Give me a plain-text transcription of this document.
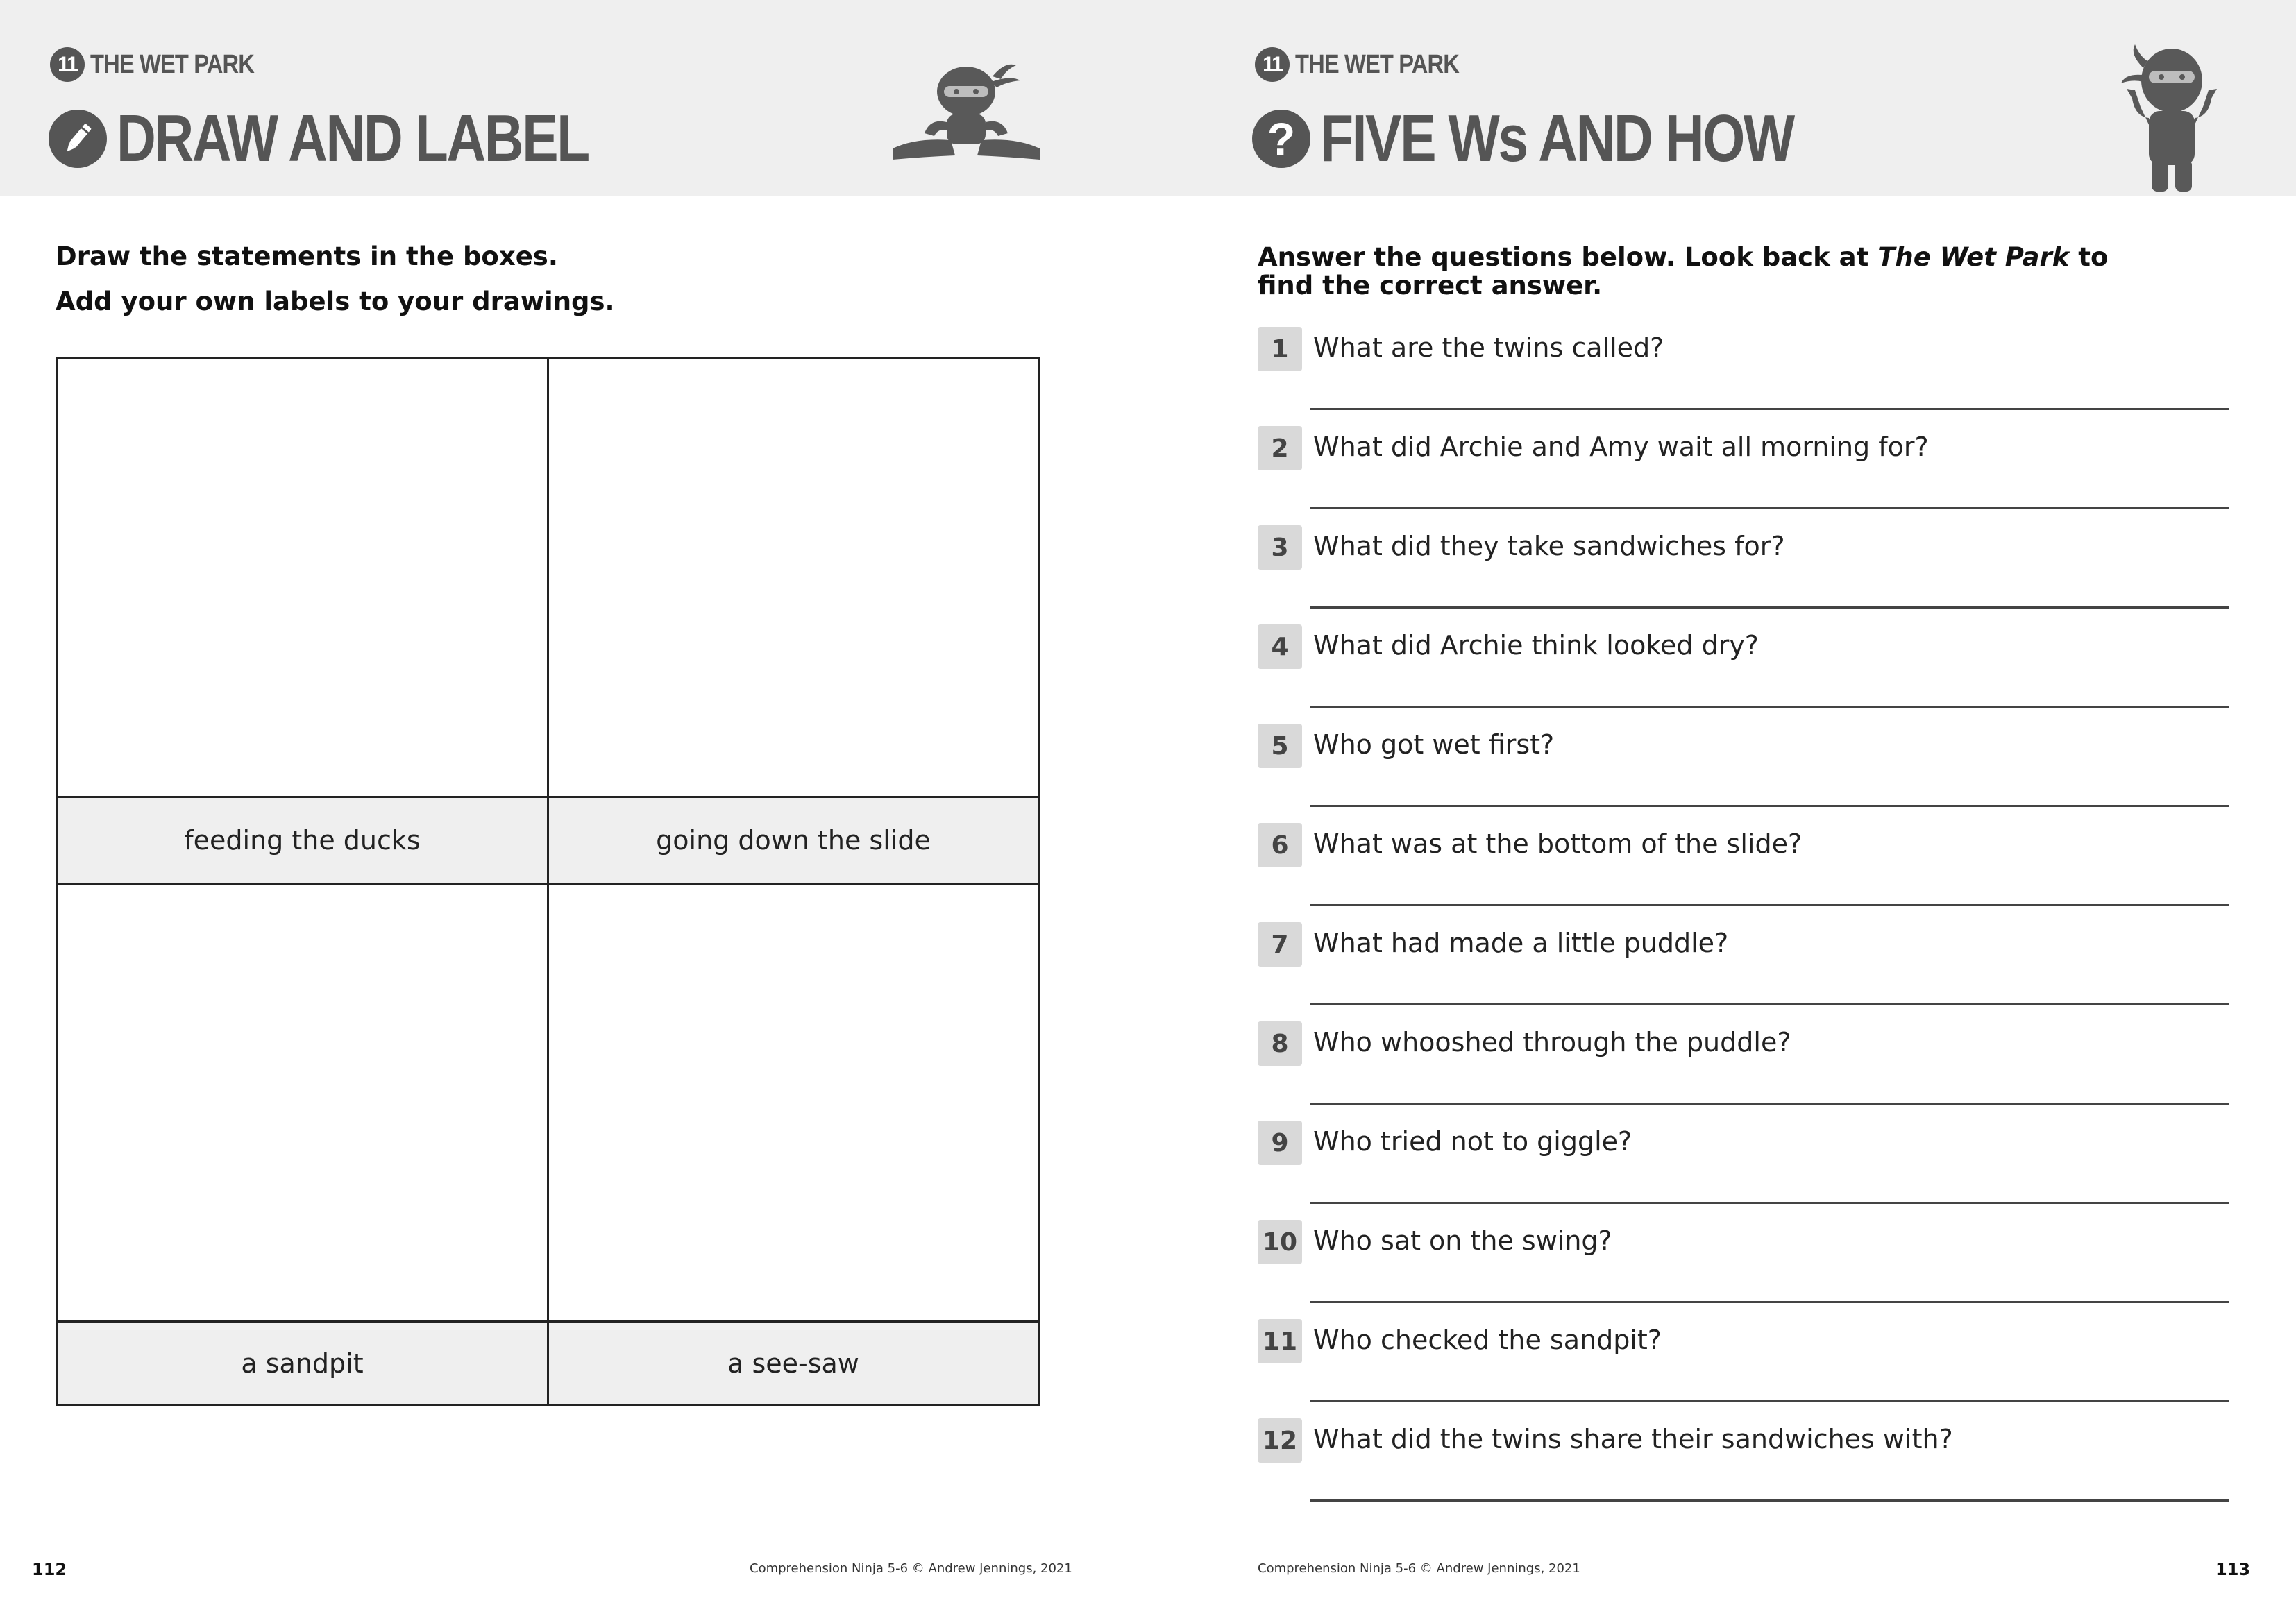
11 THE WET PARK
DRAW AND LABEL
Draw the statements in the boxes.
Add your own labels to your drawings.
feeding the ducks	going down the slide
a sandpit	a see-saw
112	Comprehension Ninja 5-6 © Andrew Jennings, 2021
11 THE WET PARK
? FIVE Ws AND HOW
Answer the questions below. Look back at The Wet Park to find the correct answer.
1 What are the twins called?
2 What did Archie and Amy wait all morning for?
3 What did they take sandwiches for?
4 What did Archie think looked dry?
5 Who got wet first?
6 What was at the bottom of the slide?
7 What had made a little puddle?
8 Who whooshed through the puddle?
9 Who tried not to giggle?
10 Who sat on the swing?
11 Who checked the sandpit?
12 What did the twins share their sandwiches with?
113
Comprehension Ninja 5-6 © Andrew Jennings, 2021
